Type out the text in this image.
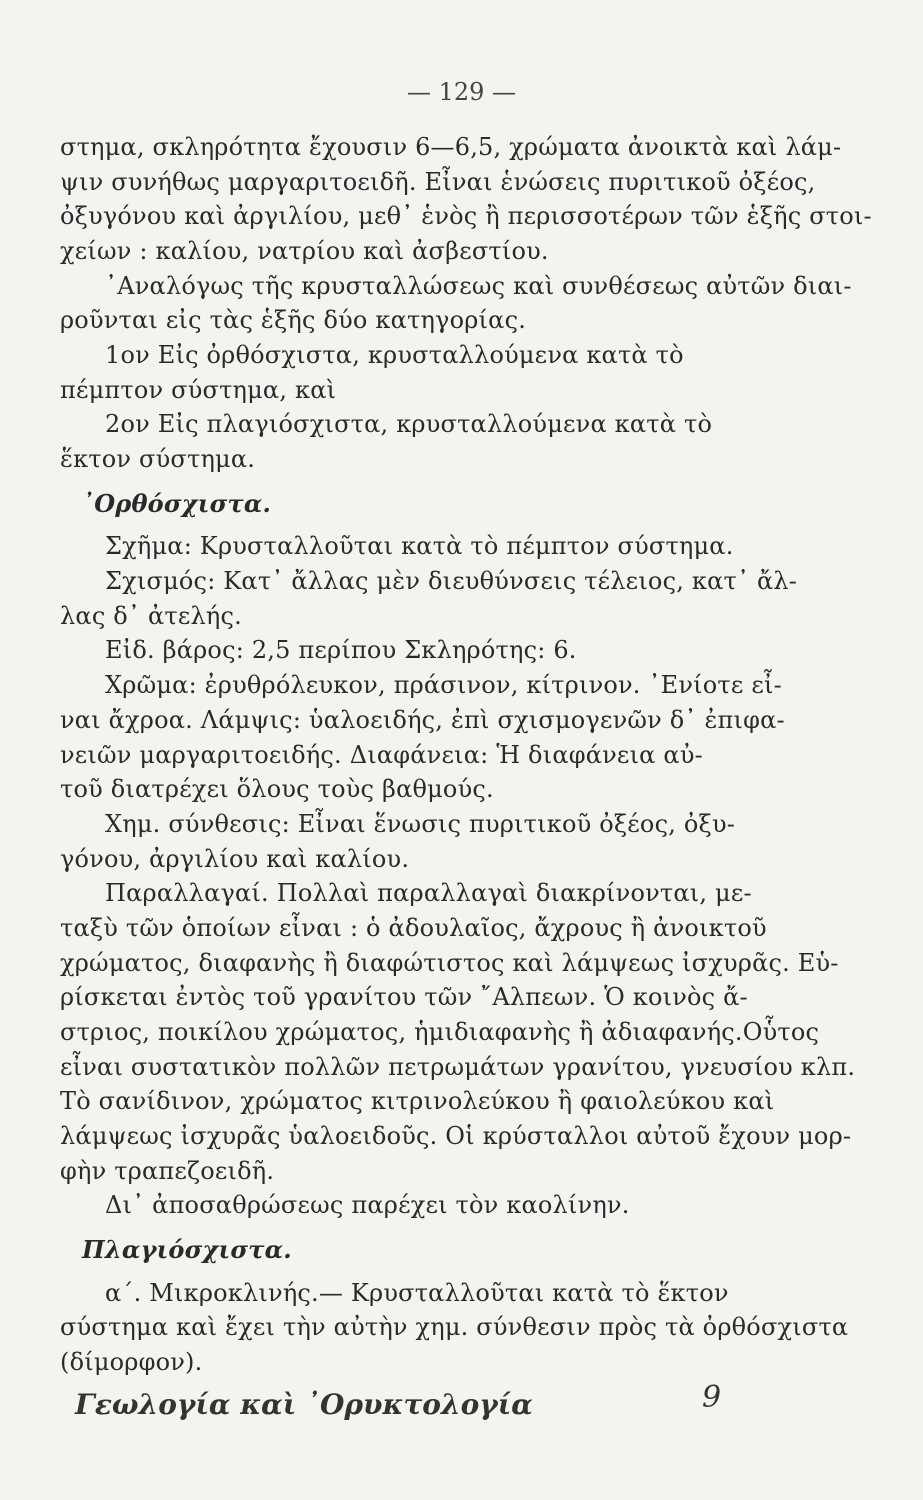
— 129 —
στημα, σκληρότητα ἔχουσιν 6—6,5, χρώματα ἀνοικτὰ καὶ λάμ-
ψιν συνήθως μαργαριτοειδῆ. Εἶναι ἑνώσεις πυριτικοῦ ὀξέος,
ὀξυγόνου καὶ ἀργιλίου, μεθ᾽ ἑνὸς ἢ περισσοτέρων τῶν ἑξῆς στοι-
χείων : καλίου, νατρίου καὶ ἀσβεστίου.
᾽Αναλόγως τῆς κρυσταλλώσεως καὶ συνθέσεως αὐτῶν διαι-
ροῦνται εἰς τὰς ἑξῆς δύο κατηγορίας.
1ον Εἰς ὀρθόσχιστα, κρυσταλλούμενα κατὰ τὸ
πέμπτον σύστημα, καὶ
2ον Εἰς πλαγιόσχιστα, κρυσταλλούμενα κατὰ τὸ
ἕκτον σύστημα.
᾽Ορθόσχιστα.
Σχῆμα: Κρυσταλλοῦται κατὰ τὸ πέμπτον σύστημα.
Σχισμός: Κατ᾽ ἄλλας μὲν διευθύνσεις τέλειος, κατ᾽ ἄλ-
λας δ᾽ ἀτελής.
Εἰδ. βάρος: 2,5 περίπου Σκληρότης: 6.
Χρῶμα: ἐρυθρόλευκον, πράσινον, κίτρινον. ᾽Ενίοτε εἶ-
ναι ἄχροα. Λάμψις: ὑαλοειδής, ἐπὶ σχισμογενῶν δ᾽ ἐπιφα-
νειῶν μαργαριτοειδής. Διαφάνεια: Ἡ διαφάνεια αὐ-
τοῦ διατρέχει ὅλους τοὺς βαθμούς.
Χημ. σύνθεσις: Εἶναι ἕνωσις πυριτικοῦ ὀξέος, ὀξυ-
γόνου, ἀργιλίου καὶ καλίου.
Παραλλαγαί. Πολλαὶ παραλλαγαὶ διακρίνονται, με-
ταξὺ τῶν ὁποίων εἶναι : ὁ ἀδουλαῖος, ἄχρους ἢ ἀνοικτοῦ
χρώματος, διαφανὴς ἢ διαφώτιστος καὶ λάμψεως ἰσχυρᾶς. Εὑ-
ρίσκεται ἐντὸς τοῦ γρανίτου τῶν ῎Αλπεων. Ὁ κοινὸς ἄ-
στριος, ποικίλου χρώματος, ἡμιδιαφανὴς ἢ ἀδιαφανής.Οὗτος
εἶναι συστατικὸν πολλῶν πετρωμάτων γρανίτου, γνευσίου κλπ.
Τὸ σανίδινον, χρώματος κιτρινολεύκου ἢ φαιολεύκου καὶ
λάμψεως ἰσχυρᾶς ὑαλοειδοῦς. Οἱ κρύσταλλοι αὐτοῦ ἔχουν μορ-
Γεωλογία καὶ ᾽Ορυκτολογία	9
φὴν τραπεζοειδῆ.
Δι᾽ ἀποσαθρώσεως παρέχει τὸν καολίνην.
Πλαγιόσχιστα.
α΄. Μικροκλινής.— Κρυσταλλοῦται κατὰ τὸ ἕκτον
σύστημα καὶ ἔχει τὴν αὐτὴν χημ. σύνθεσιν πρὸς τὰ ὀρθόσχιστα
(δίμορφον).
